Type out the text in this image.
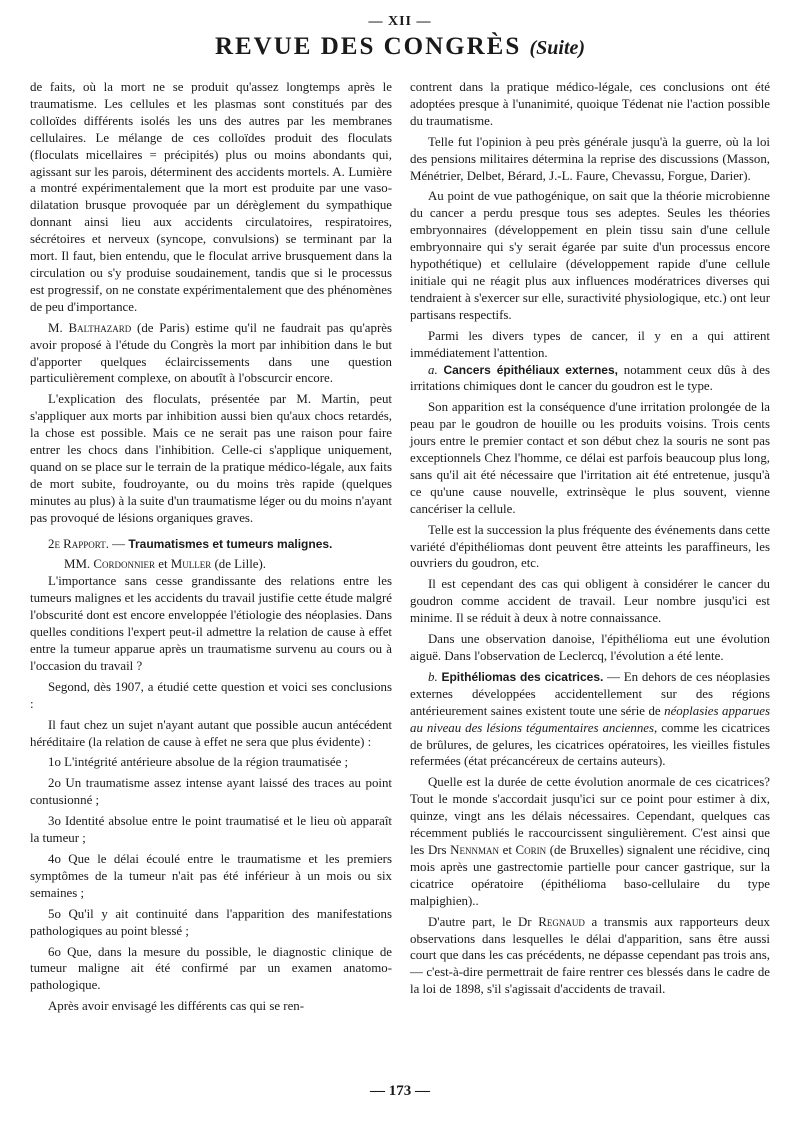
— XII —
REVUE DES CONGRÈS (Suite)

de faits, où la mort ne se produit qu'assez longtemps après le traumatisme. Les cellules et les plasmas sont constitués par des colloïdes différents isolés les uns des autres par les membranes cellulaires. Le mélange de ces colloïdes produit des floculats (floculats micellaires = précipités) plus ou moins abondants qui, agissant sur les parois, déterminent des accidents mortels. A. Lumière a montré expérimentalement que la mort est produite par une vaso-dilatation brusque provoquée par un dérèglement du sympathique donnant ainsi lieu aux accidents circulatoires, respiratoires, sécrétoires et nerveux (syncope, convulsions) se terminant par la mort. Il faut, bien entendu, que le floculat arrive brusquement dans la circulation ou s'y produise soudainement, tandis que si le processus est progressif, on ne constate expérimentalement que des phénomènes de peu d'importance.

M. Balthazard (de Paris) estime qu'il ne faudrait pas qu'après avoir proposé à l'étude du Congrès la mort par inhibition dans le but d'apporter quelques éclaircissements dans une question particulièrement complexe, on aboutît à l'obscurcir encore.

L'explication des floculats, présentée par M. Martin, peut s'appliquer aux morts par inhibition aussi bien qu'aux chocs retardés, la chose est possible. Mais ce ne serait pas une raison pour faire entrer les chocs dans l'inhibition. Celle-ci s'applique uniquement, quand on se place sur le terrain de la pratique médico-légale, aux faits de mort subite, foudroyante, ou du moins très rapide (quelques minutes au plus) à la suite d'un traumatisme léger ou du moins n'ayant pas provoqué de lésions organiques graves.

2e Rapport. — Traumatismes et tumeurs malignes.

MM. Cordonnier et Muller (de Lille).

L'importance sans cesse grandissante des relations entre les tumeurs malignes et les accidents du travail justifie cette étude malgré l'obscurité dont est encore enveloppée l'étiologie des néoplasies. Dans quelles conditions l'expert peut-il admettre la relation de cause à effet entre la tumeur apparue après un traumatisme survenu au cours ou à l'occasion du travail ?

Segond, dès 1907, a étudié cette question et voici ses conclusions :

Il faut chez un sujet n'ayant autant que possible aucun antécédent héréditaire (la relation de cause à effet ne sera que plus évidente) :

1o L'intégrité antérieure absolue de la région traumatisée ;

2o Un traumatisme assez intense ayant laissé des traces au point contusionné ;

3o Identité absolue entre le point traumatisé et le lieu où apparaît la tumeur ;

4o Que le délai écoulé entre le traumatisme et les premiers symptômes de la tumeur n'ait pas été inférieur à un mois ou six semaines ;

5o Qu'il y ait continuité dans l'apparition des manifestations pathologiques au point blessé ;

6o Que, dans la mesure du possible, le diagnostic clinique de tumeur maligne ait été confirmé par un examen anatomo-pathologique.

Après avoir envisagé les différents cas qui se ren-

contrent dans la pratique médico-légale, ces conclusions ont été adoptées presque à l'unanimité, quoique Tédenat nie l'action possible du traumatisme.

Telle fut l'opinion à peu près générale jusqu'à la guerre, où la loi des pensions militaires détermina la reprise des discussions (Masson, Ménétrier, Delbet, Bérard, J.-L. Faure, Chevassu, Forgue, Darier).

Au point de vue pathogénique, on sait que la théorie microbienne du cancer a perdu presque tous ses adeptes. Seules les théories embryonnaires (développement en plein tissu sain d'une cellule embryonnaire qui s'y serait égarée par suite d'un processus encore hypothétique) et cellulaire (développement rapide d'une cellule initiale qui ne réagit plus aux influences modératrices diverses qui tendraient à s'exercer sur elle, suractivité physiologique, etc.) ont leur partisans respectifs.

Parmi les divers types de cancer, il y en a qui attirent immédiatement l'attention.

a. Cancers épithéliaux externes, notamment ceux dûs à des irritations chimiques dont le cancer du goudron est le type.

Son apparition est la conséquence d'une irritation prolongée de la peau par le goudron de houille ou les produits voisins. Trois cents jours entre le premier contact et son début chez la souris ne sont pas exceptionnels Chez l'homme, ce délai est parfois beaucoup plus long, sans qu'il ait été nécessaire que l'irritation ait été entretenue, jusqu'à ce qu'une cause nouvelle, extrinsèque le plus souvent, vienne cancériser la cellule.

Telle est la succession la plus fréquente des événements dans cette variété d'épithéliomas dont peuvent être atteints les paraffineurs, les ouvriers du goudron, etc.

Il est cependant des cas qui obligent à considérer le cancer du goudron comme accident de travail. Leur nombre jusqu'ici est minime. Il se réduit à deux à notre connaissance.

Dans une observation danoise, l'épithélioma eut une évolution aiguë. Dans l'observation de Leclercq, l'évolution a été lente.

b. Epithéliomas des cicatrices. — En dehors de ces néoplasies externes développées accidentellement sur des régions antérieurement saines existent toute une série de néoplasies apparues au niveau des lésions tégumentaires anciennes, comme les cicatrices de brûlures, de gelures, les cicatrices opératoires, les vieilles fistules refermées (état précancéreux de certains auteurs).

Quelle est la durée de cette évolution anormale de ces cicatrices? Tout le monde s'accordait jusqu'ici sur ce point pour estimer à dix, quinze, vingt ans les délais nécessaires. Cependant, quelques cas récemment publiés le raccourcissent singulièrement. C'est ainsi que les Drs Nennman et Corin (de Bruxelles) signalent une récidive, cinq mois après une gastrectomie partielle pour cancer gastrique, sur la cicatrice opératoire (épithélioma baso-cellulaire du type malpighien)..

D'autre part, le Dr Regnaud a transmis aux rapporteurs deux observations dans lesquelles le délai d'apparition, sans être aussi court que dans les cas précédents, ne dépasse cependant pas trois ans, — c'est-à-dire permettrait de faire rentrer ces blessés dans le cadre de la loi de 1898, s'il s'agissait d'accidents de travail.

— 173 —
